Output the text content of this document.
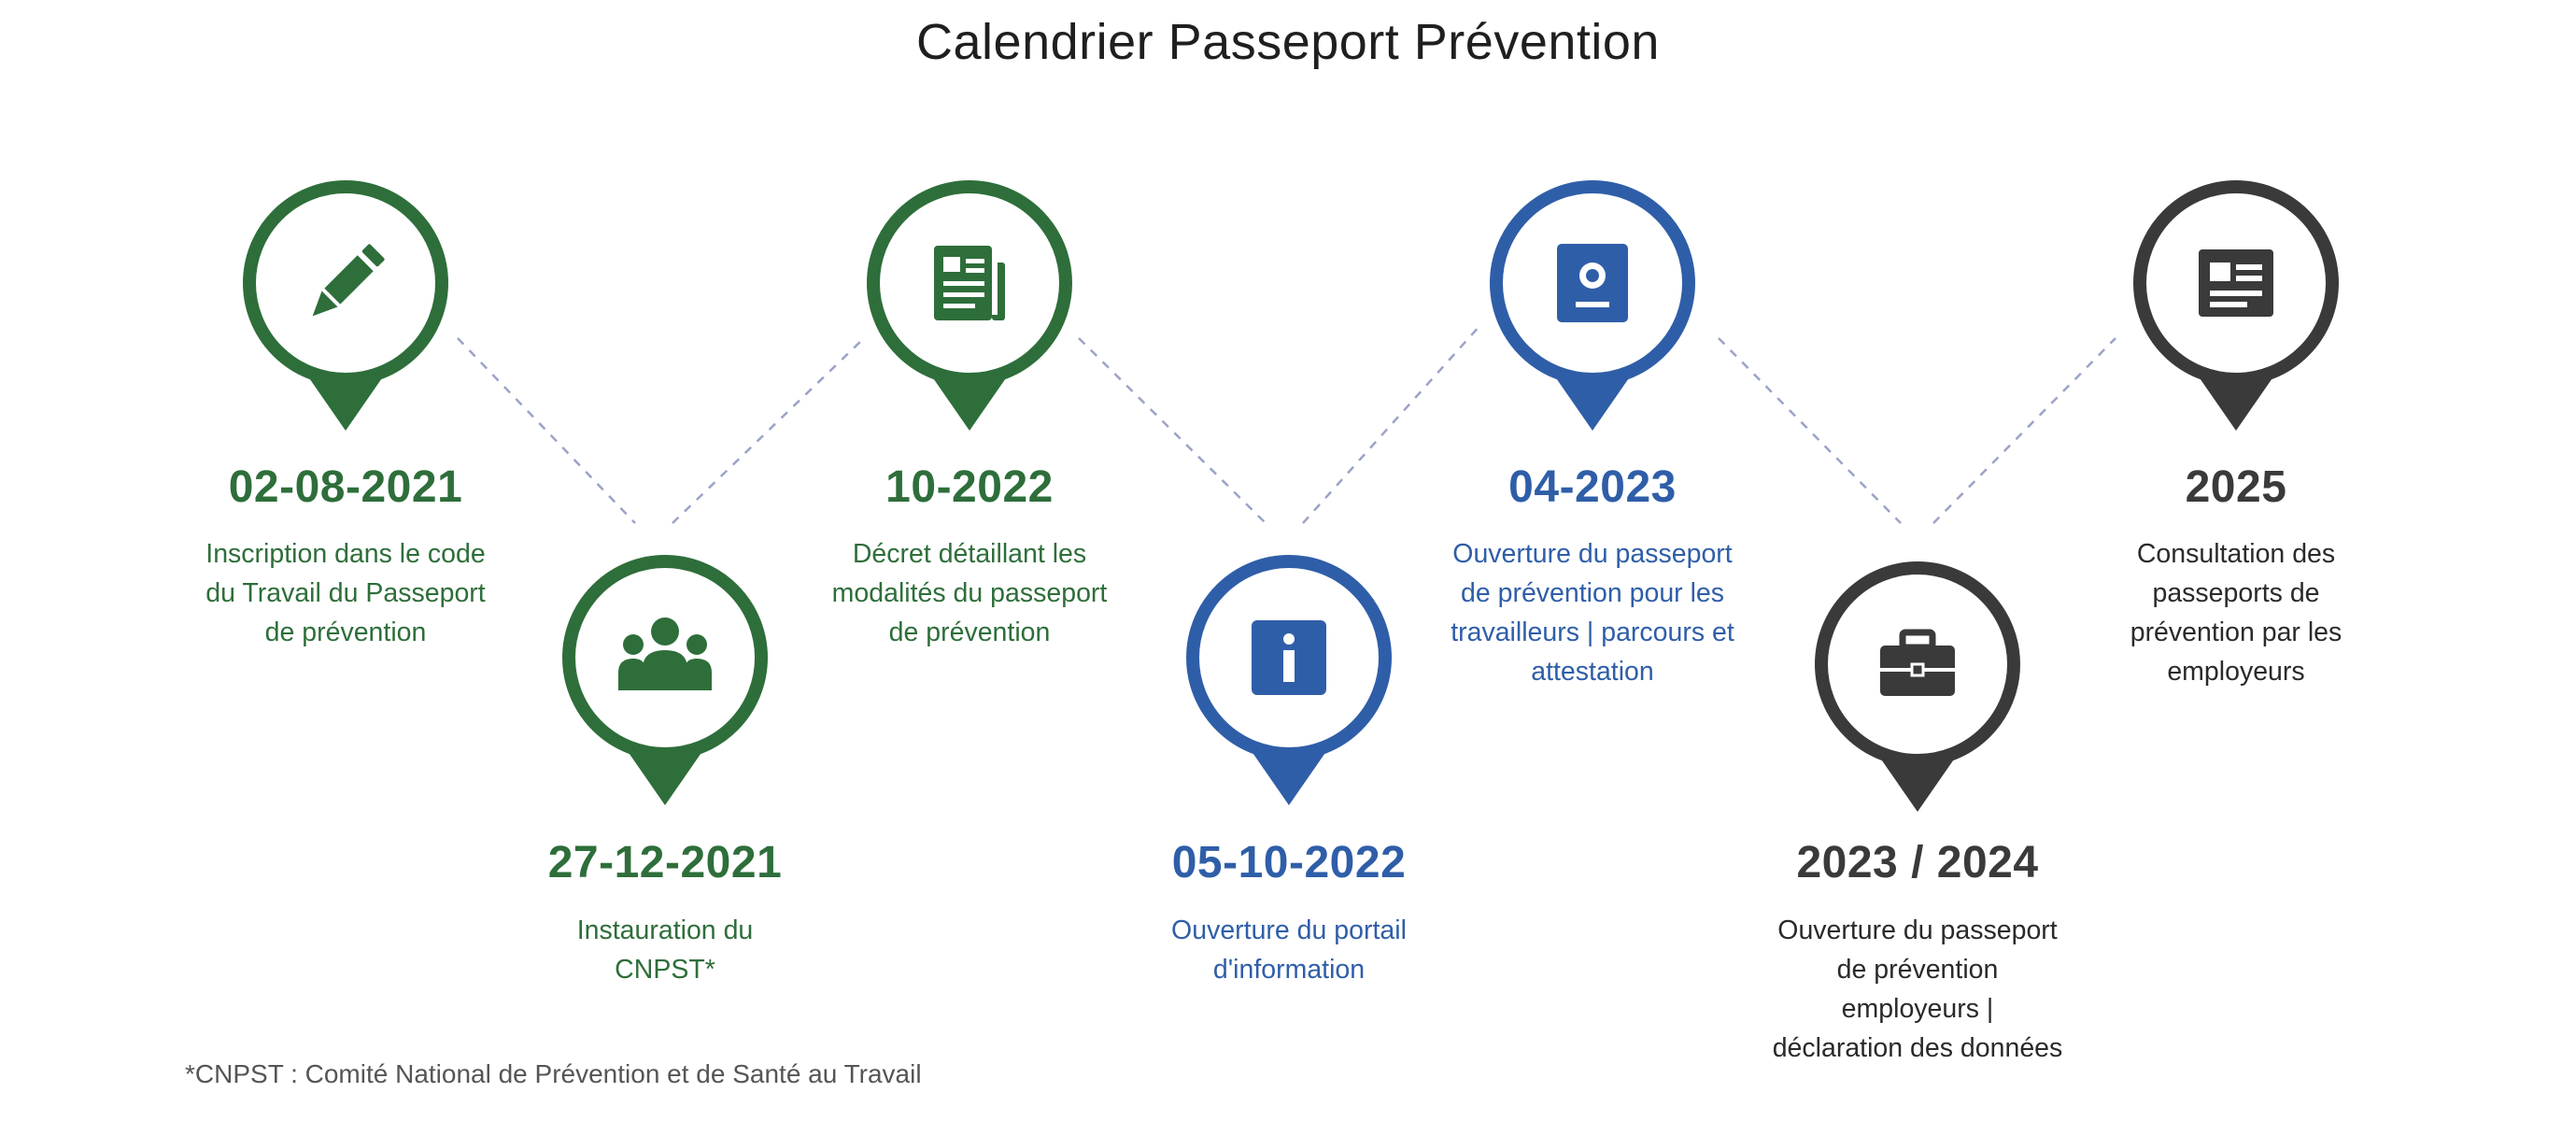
Calendrier Passeport Prévention
02-08-2021
Inscription dans le code
du Travail du Passeport
de prévention
27-12-2021
Instauration du
CNPST*
10-2022
Décret détaillant les
modalités du passeport
de prévention
05-10-2022
Ouverture du portail
d'information
04-2023
Ouverture du passeport
de prévention pour les
travailleurs | parcours et
attestation
2023 / 2024
Ouverture du passeport
de prévention
employeurs |
déclaration des données
2025
Consultation des
passeports de
prévention par les
employeurs
*CNPST : Comité National de Prévention et de Santé au Travail
